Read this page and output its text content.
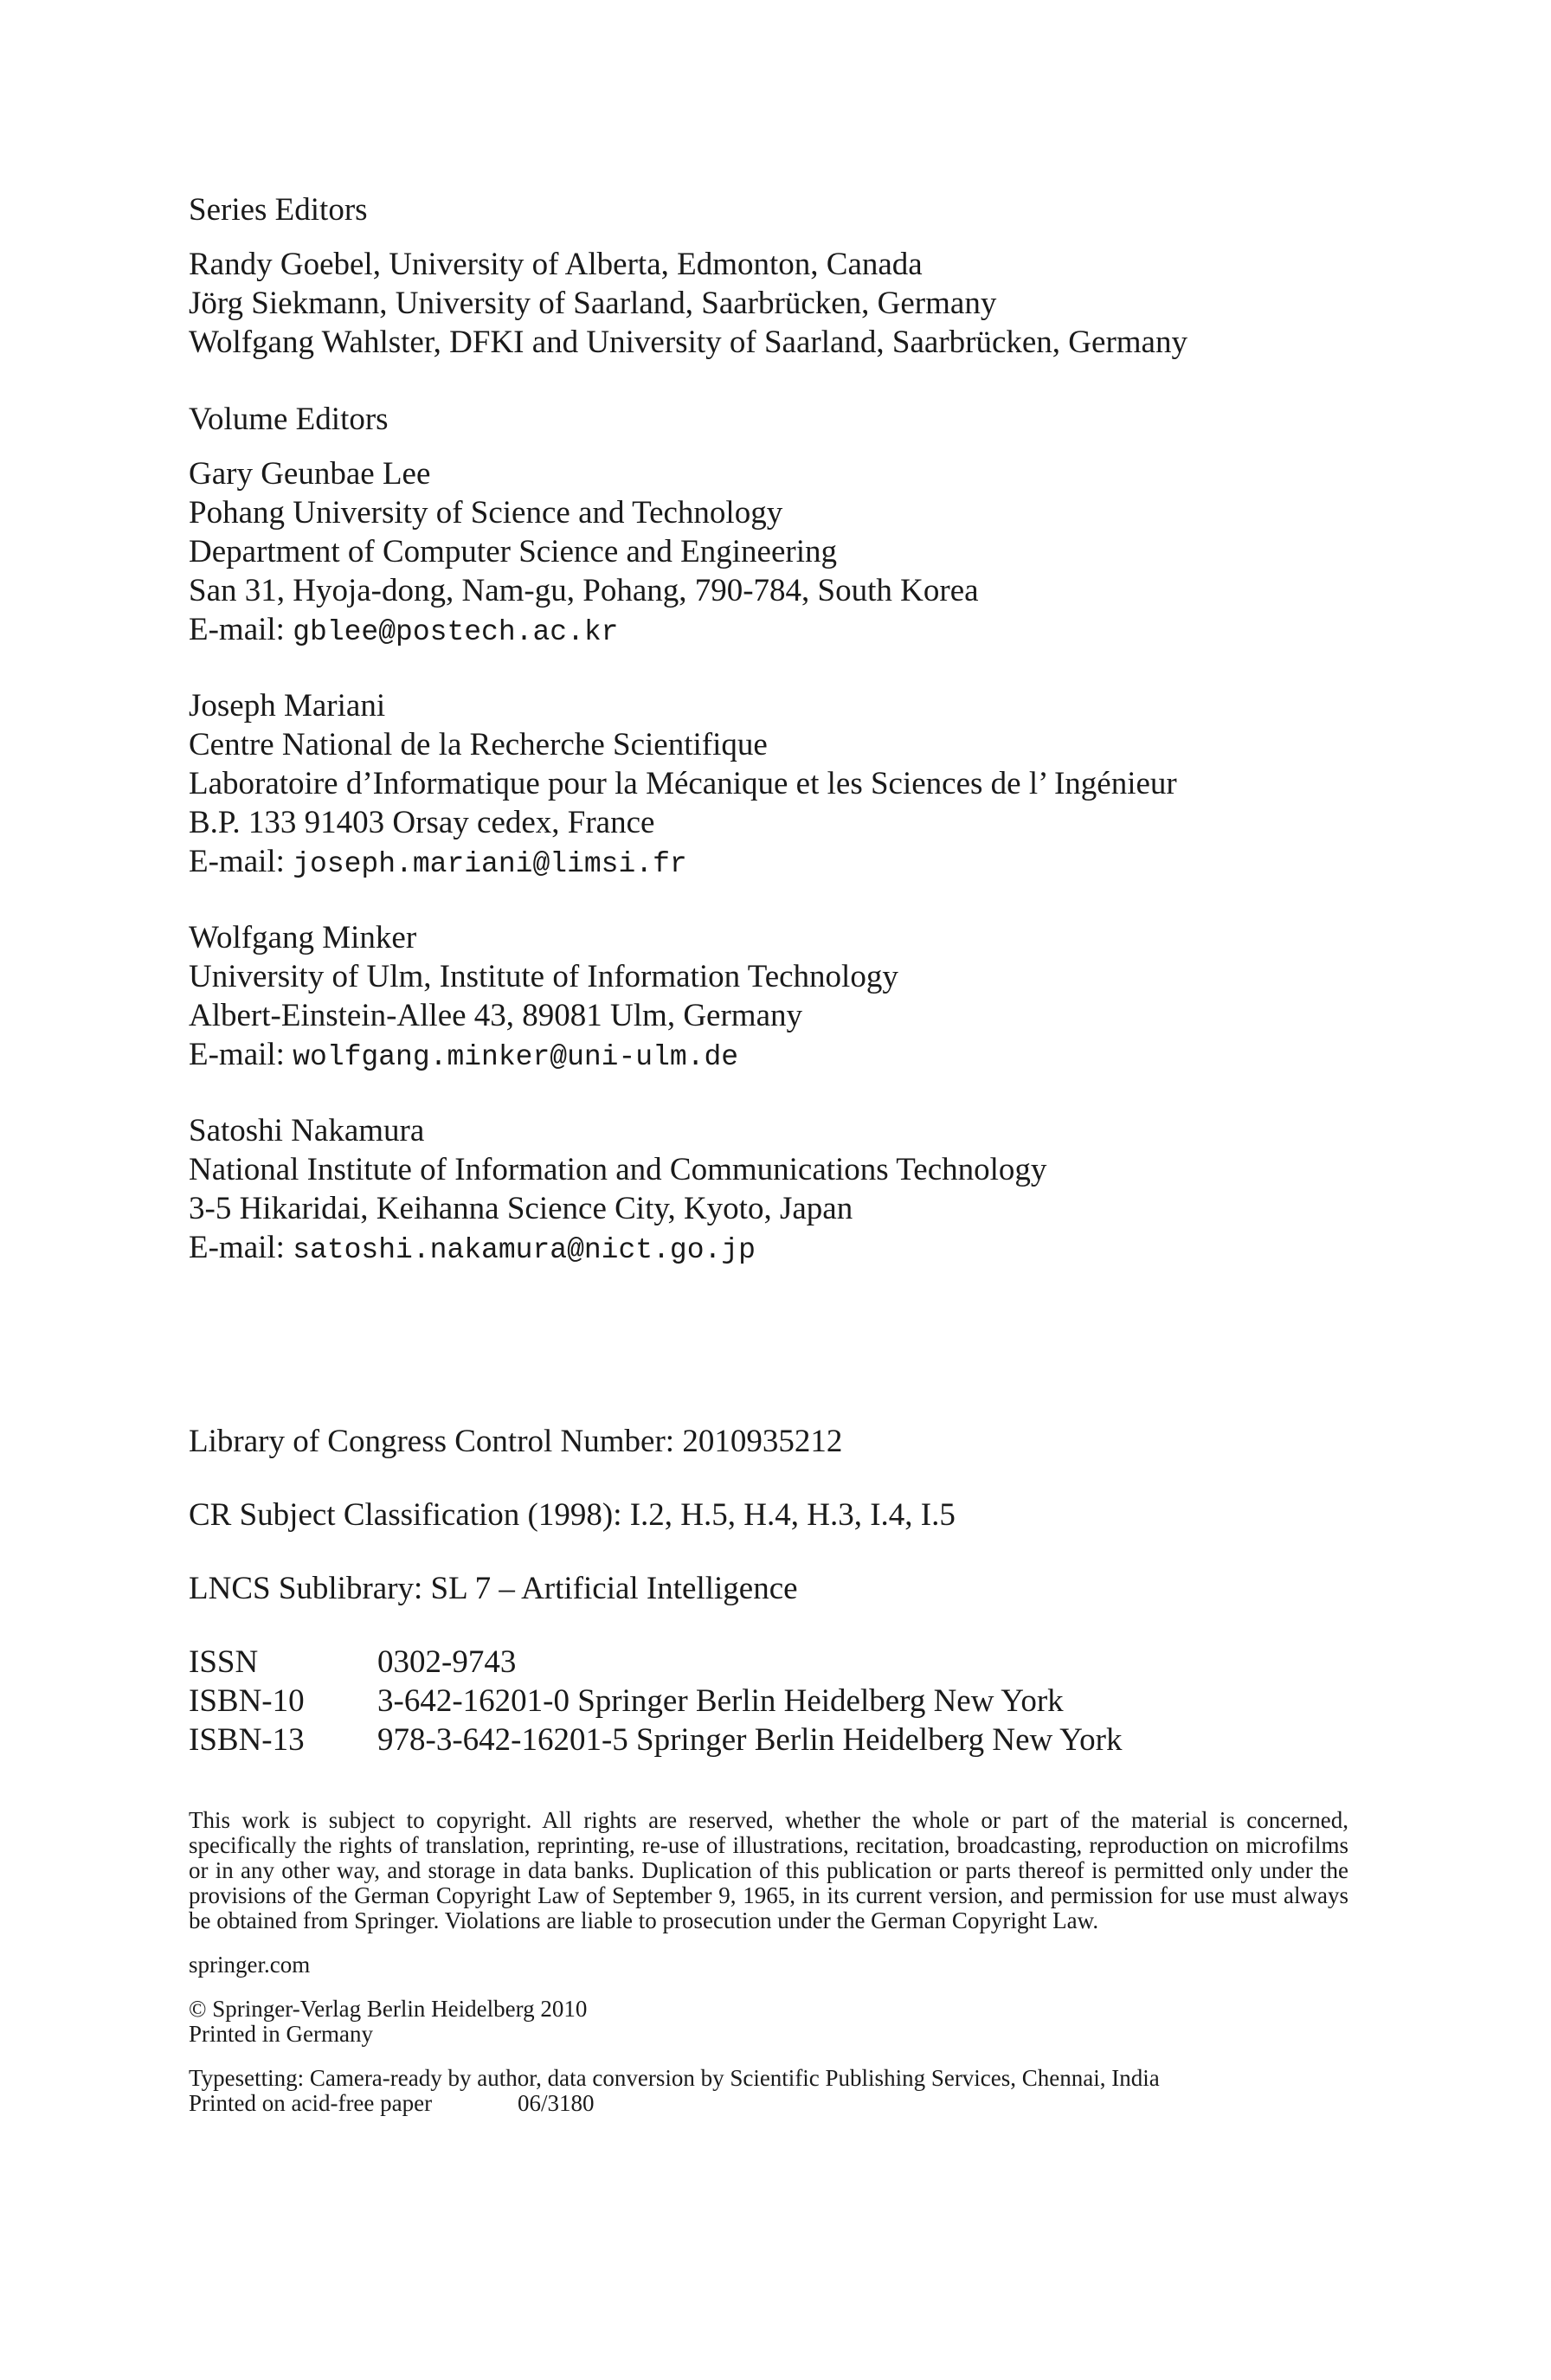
Series Editors
Randy Goebel, University of Alberta, Edmonton, Canada
Jörg Siekmann, University of Saarland, Saarbrücken, Germany
Wolfgang Wahlster, DFKI and University of Saarland, Saarbrücken, Germany
Volume Editors
Gary Geunbae Lee
Pohang University of Science and Technology
Department of Computer Science and Engineering
San 31, Hyoja-dong, Nam-gu, Pohang, 790-784, South Korea
E-mail: gblee@postech.ac.kr
Joseph Mariani
Centre National de la Recherche Scientifique
Laboratoire d’Informatique pour la Mécanique et les Sciences de l’ Ingénieur
B.P. 133 91403 Orsay cedex, France
E-mail: joseph.mariani@limsi.fr
Wolfgang Minker
University of Ulm, Institute of Information Technology
Albert-Einstein-Allee 43, 89081 Ulm, Germany
E-mail: wolfgang.minker@uni-ulm.de
Satoshi Nakamura
National Institute of Information and Communications Technology
3-5 Hikaridai, Keihanna Science City, Kyoto, Japan
E-mail: satoshi.nakamura@nict.go.jp
Library of Congress Control Number: 2010935212
CR Subject Classification (1998): I.2, H.5, H.4, H.3, I.4, I.5
LNCS Sublibrary: SL 7 – Artificial Intelligence
ISSN	0302-9743
ISBN-10	3-642-16201-0 Springer Berlin Heidelberg New York
ISBN-13	978-3-642-16201-5 Springer Berlin Heidelberg New York
This work is subject to copyright. All rights are reserved, whether the whole or part of the material is concerned, specifically the rights of translation, reprinting, re-use of illustrations, recitation, broadcasting, reproduction on microfilms or in any other way, and storage in data banks. Duplication of this publication or parts thereof is permitted only under the provisions of the German Copyright Law of September 9, 1965, in its current version, and permission for use must always be obtained from Springer. Violations are liable to prosecution under the German Copyright Law.
springer.com
© Springer-Verlag Berlin Heidelberg 2010
Printed in Germany
Typesetting: Camera-ready by author, data conversion by Scientific Publishing Services, Chennai, India
Printed on acid-free paper	06/3180
